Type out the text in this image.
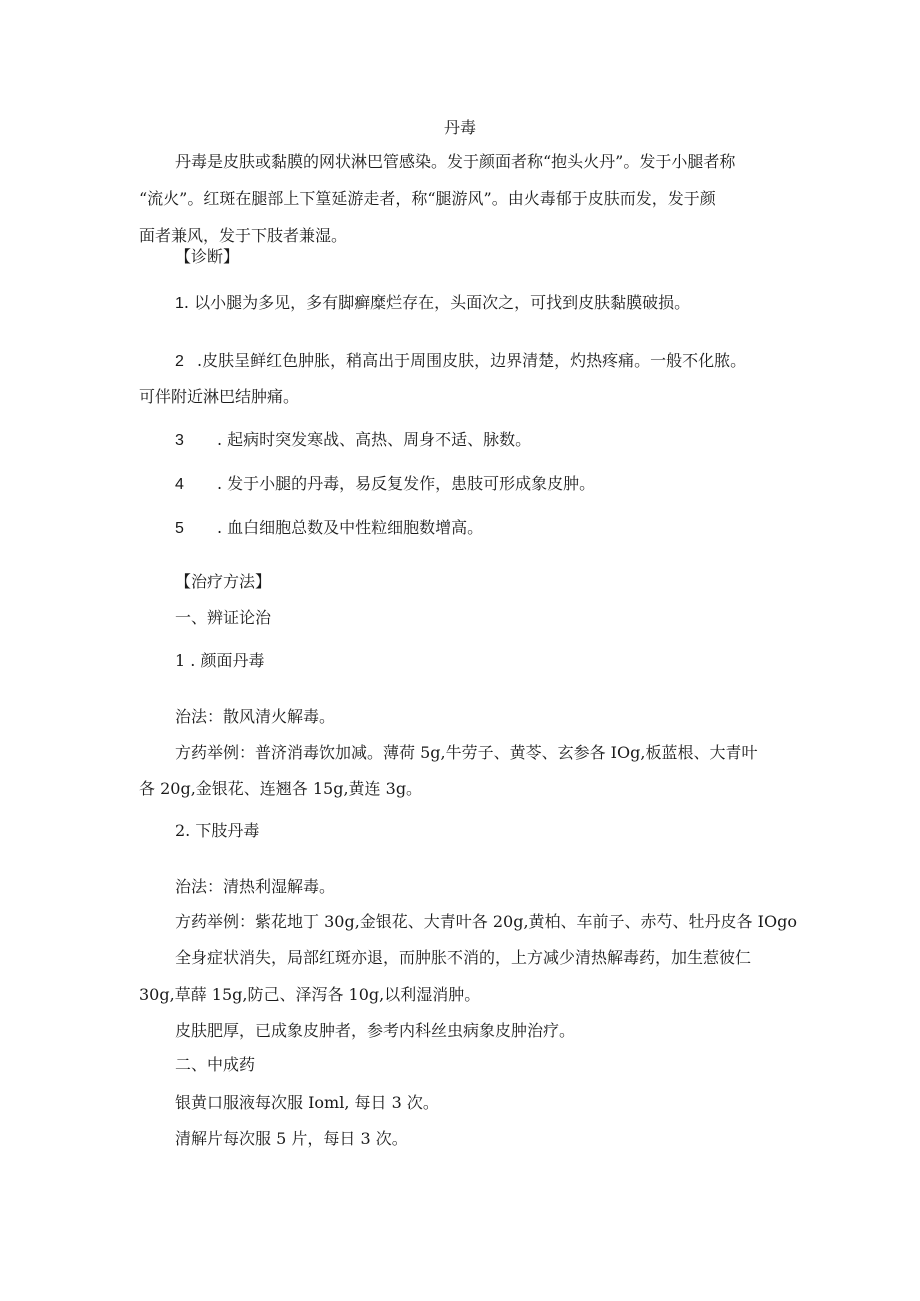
丹毒
丹毒是皮肤或黏膜的网状淋巴管感染。发于颜面者称“抱头火丹”。发于小腿者称
“流火”。红斑在腿部上下篁延游走者，称“腿游风”。由火毒郁于皮肤而发，发于颜
面者兼风，发于下肢者兼湿。
【诊断】
1. 以小腿为多见，多有脚癣糜烂存在，头面次之，可找到皮肤黏膜破损。
2 .皮肤呈鲜红色肿胀，稍高出于周围皮肤，边界清楚，灼热疼痛。一般不化脓。
可伴附近淋巴结肿痛。
3 . 起病时突发寒战、高热、周身不适、脉数。
4 . 发于小腿的丹毒，易反复发作，患肢可形成象皮肿。
5 . 血白细胞总数及中性粒细胞数增高。
【治疗方法】
一、辨证论治
1 . 颜面丹毒
治法：散风清火解毒。
方药举例：普济消毒饮加减。薄荷 5g,牛劳子、黄苓、玄参各 IOg,板蓝根、大青叶
各 20g,金银花、连翘各 15g,黄连 3g。
2. 下肢丹毒
治法：清热利湿解毒。
方药举例：紫花地丁 30g,金银花、大青叶各 20g,黄柏、车前子、赤芍、牡丹皮各 IOgo
全身症状消失，局部红斑亦退，而肿胀不消的，上方减少清热解毒药，加生惹彼仁
30g,草薛 15g,防己、泽泻各 10g,以利湿消肿。
皮肤肥厚，已成象皮肿者，参考内科丝虫病象皮肿治疗。
二、中成药
银黄口服液每次服 Ioml, 每日 3 次。
清解片每次服 5 片，每日 3 次。
